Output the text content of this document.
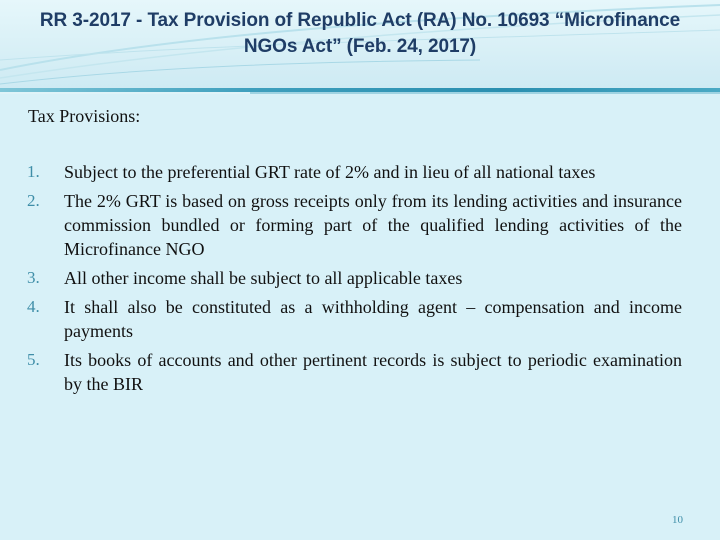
RR 3-2017 - Tax Provision of Republic Act (RA) No. 10693 “Microfinance
NGOs Act” (Feb. 24, 2017)

Tax Provisions:

1. Subject to the preferential GRT rate of 2% and in lieu of all national taxes
2. The 2% GRT is based on gross receipts only from its lending activities and insurance commission bundled or forming part of the qualified lending activities of the Microfinance NGO
3. All other income shall be subject to all applicable taxes
4. It shall also be constituted as a withholding agent – compensation and income payments
5. Its books of accounts and other pertinent records is subject to periodic examination by the BIR
10
